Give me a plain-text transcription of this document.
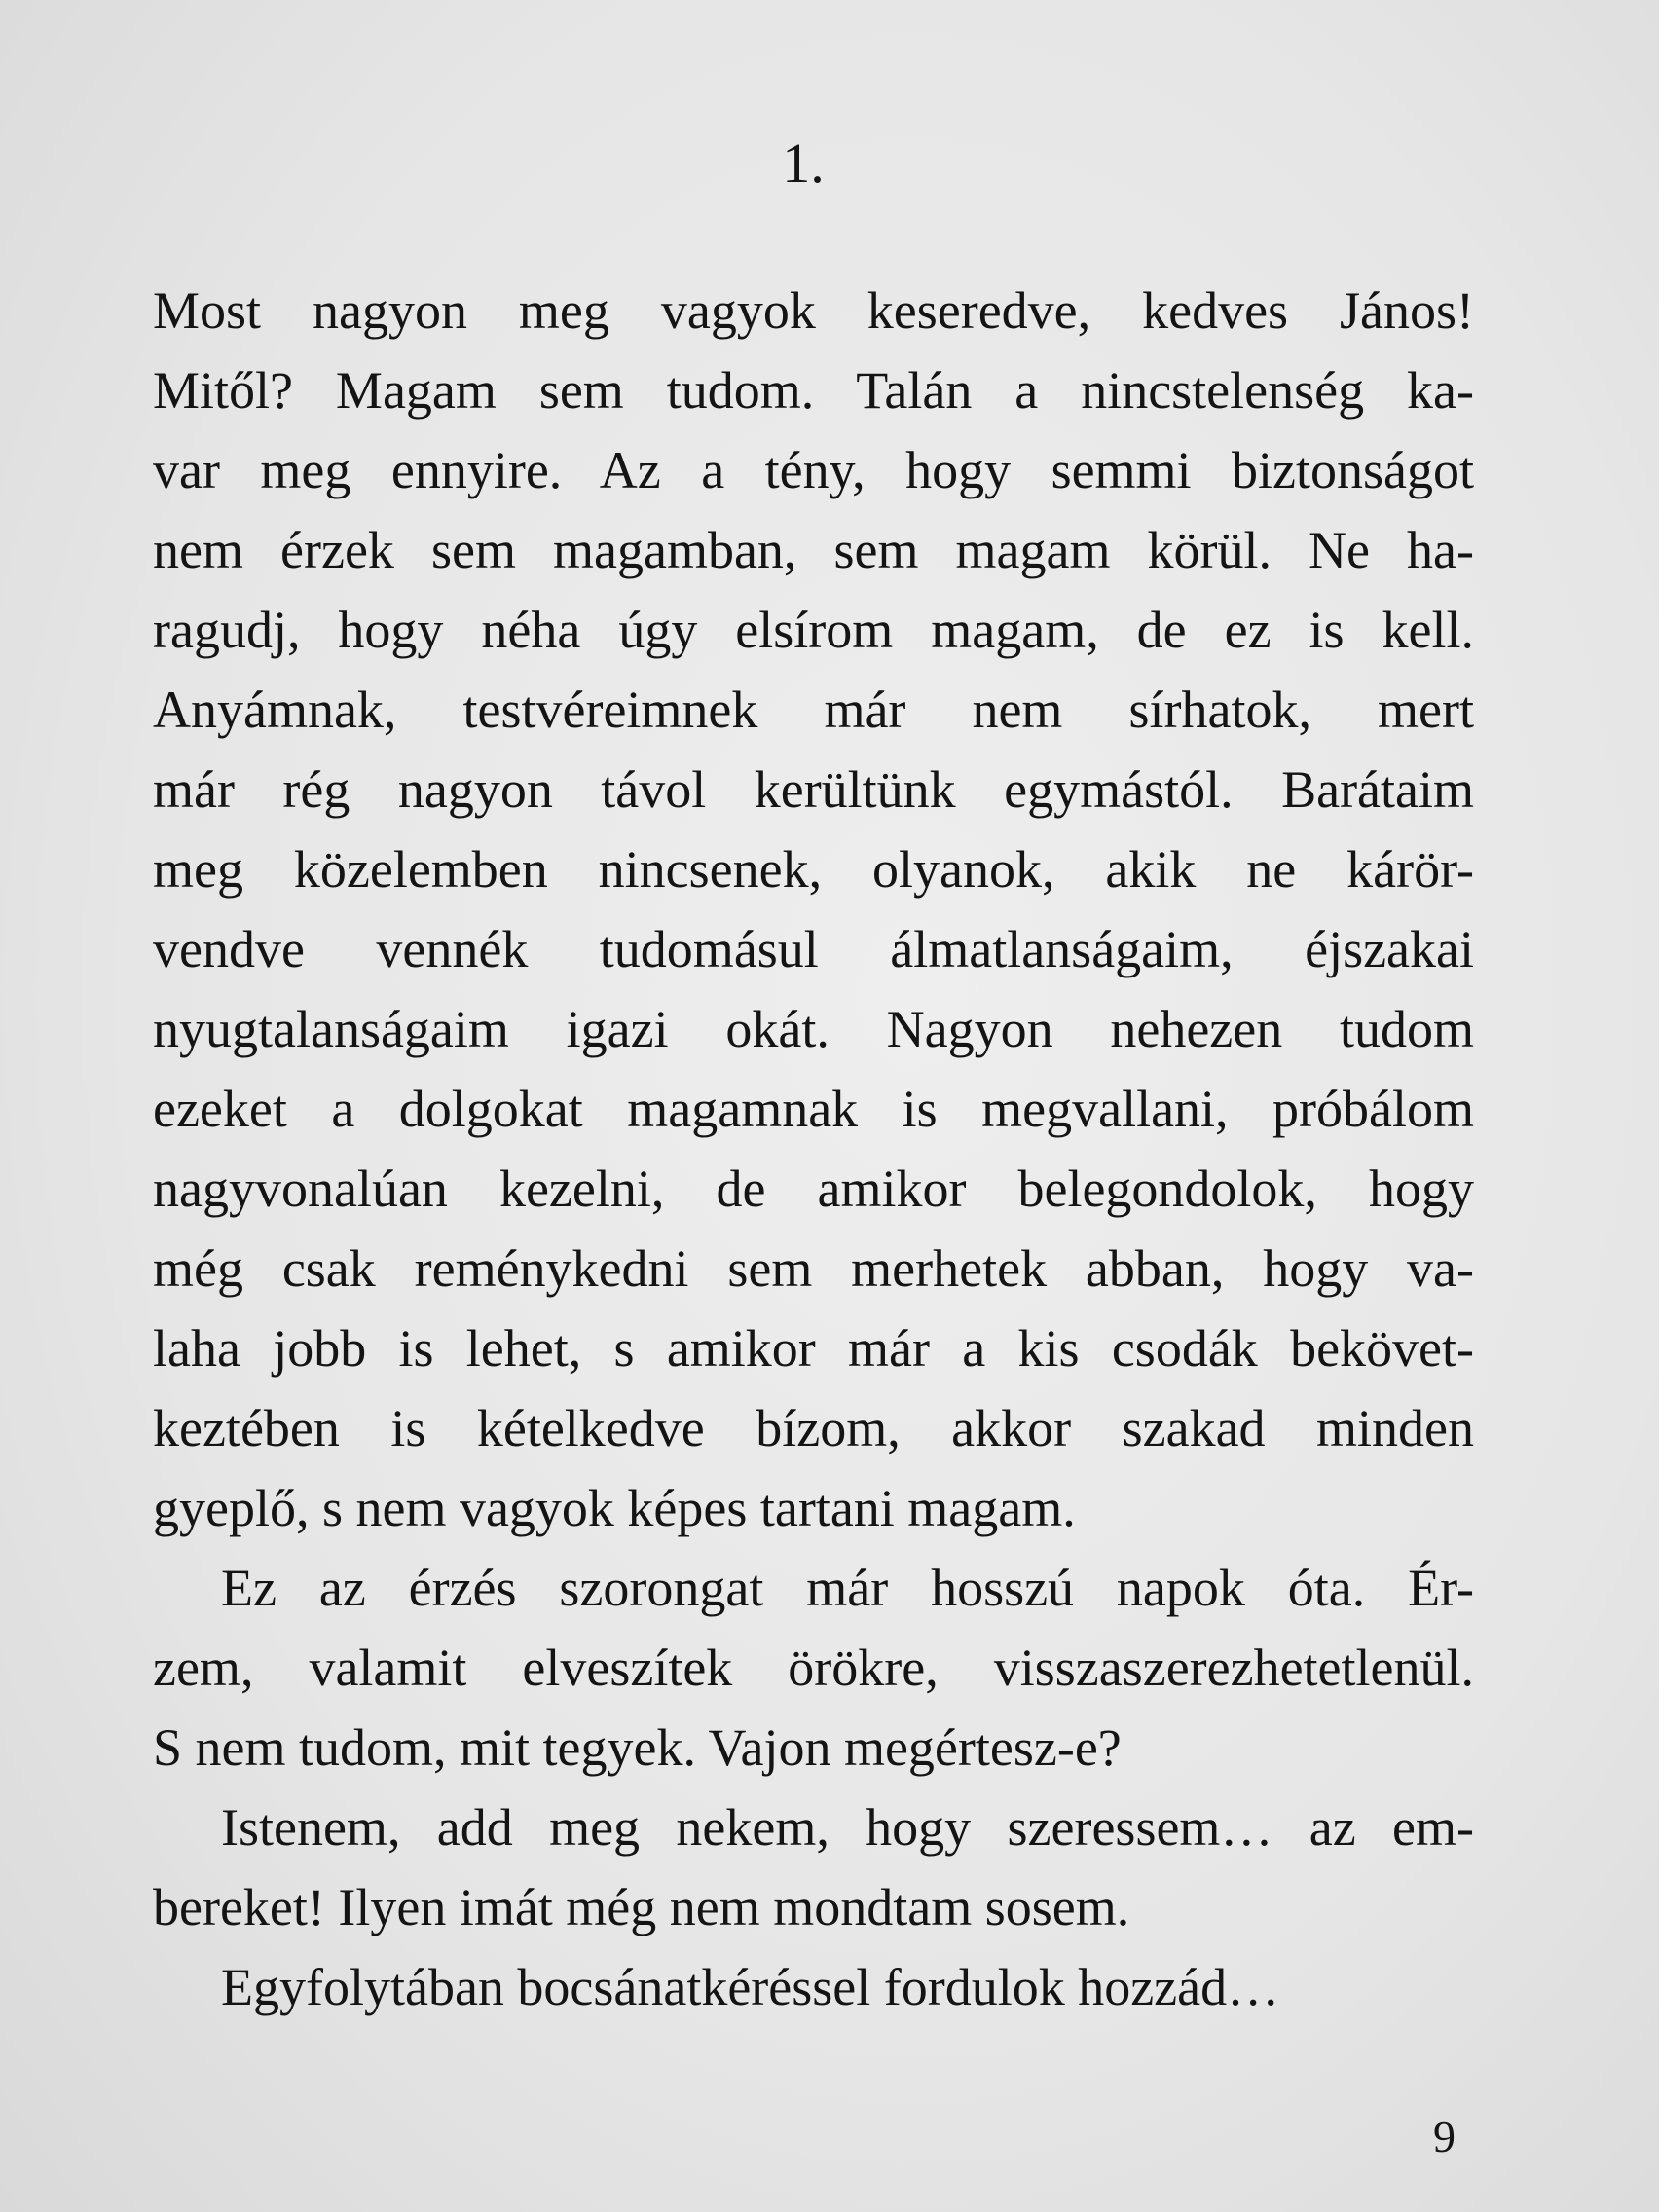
1.
Most nagyon meg vagyok keseredve, kedves János!
Mitől? Magam sem tudom. Talán a nincstelenség ka-
var meg ennyire. Az a tény, hogy semmi biztonságot
nem érzek sem magamban, sem magam körül. Ne ha-
ragudj, hogy néha úgy elsírom magam, de ez is kell.
Anyámnak, testvéreimnek már nem sírhatok, mert
már rég nagyon távol kerültünk egymástól. Barátaim
meg közelemben nincsenek, olyanok, akik ne kárör-
vendve vennék tudomásul álmatlanságaim, éjszakai
nyugtalanságaim igazi okát. Nagyon nehezen tudom
ezeket a dolgokat magamnak is megvallani, próbálom
nagyvonalúan kezelni, de amikor belegondolok, hogy
még csak reménykedni sem merhetek abban, hogy va-
laha jobb is lehet, s amikor már a kis csodák bekövet-
keztében is kételkedve bízom, akkor szakad minden
gyeplő, s nem vagyok képes tartani magam.
Ez az érzés szorongat már hosszú napok óta. Ér-
zem, valamit elveszítek örökre, visszaszerezhetetlenül.
S nem tudom, mit tegyek. Vajon megértesz-e?
Istenem, add meg nekem, hogy szeressem… az em-
bereket! Ilyen imát még nem mondtam sosem.
Egyfolytában bocsánatkéréssel fordulok hozzád…
9
